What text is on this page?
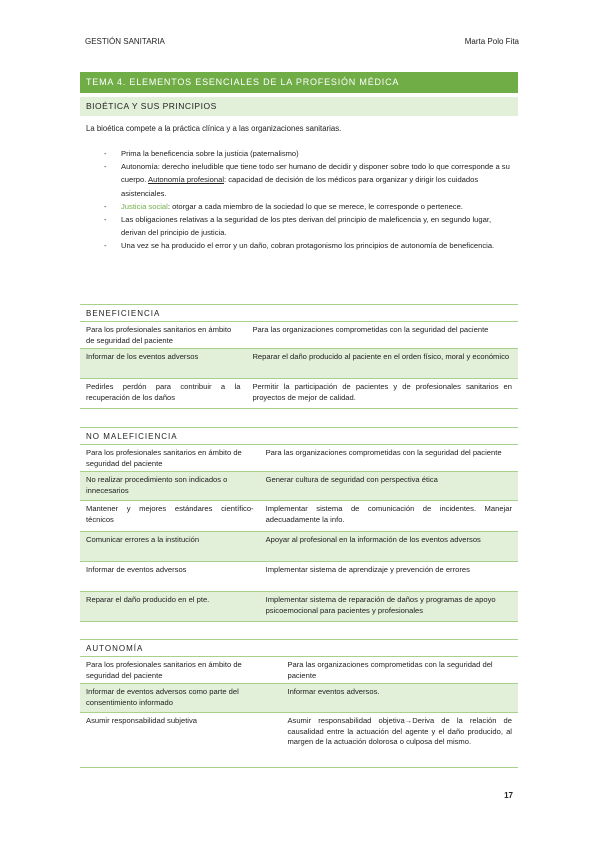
GESTIÓN SANITARIA	Marta Polo Fita
TEMA 4. ELEMENTOS ESENCIALES DE LA PROFESIÓN MÉDICA
BIOÉTICA Y SUS PRINCIPIOS
La bioética compete a la práctica clínica y a las organizaciones sanitarias.
- Prima la beneficencia sobre la justicia (paternalismo)
- Autonomía: derecho ineludible que tiene todo ser humano de decidir y disponer sobre todo lo que corresponde a su cuerpo. Autonomía profesional: capacidad de decisión de los médicos para organizar y dirigir los cuidados asistenciales.
- Justicia social: otorgar a cada miembro de la sociedad lo que se merece, le corresponde o pertenece.
- Las obligaciones relativas a la seguridad de los ptes derivan del principio de maleficencia y, en segundo lugar, derivan del principio de justicia.
- Una vez se ha producido el error y un daño, cobran protagonismo los principios de autonomía de beneficencia.
BENEFICIENCIA
Para los profesionales sanitarios en ámbito de seguridad del paciente	Para las organizaciones comprometidas con la seguridad del paciente
Informar de los eventos adversos	Reparar el daño producido al paciente en el orden físico, moral y económico
Pedirles perdón para contribuir a la recuperación de los daños	Permitir la participación de pacientes y de profesionales sanitarios en proyectos de mejor de calidad.
NO MALEFICIENCIA
Para los profesionales sanitarios en ámbito de seguridad del paciente	Para las organizaciones comprometidas con la seguridad del paciente
No realizar procedimiento son indicados o innecesarios	Generar cultura de seguridad con perspectiva ética
Mantener y mejores estándares científico-técnicos	Implementar sistema de comunicación de incidentes. Manejar adecuadamente la info.
Comunicar errores a la institución	Apoyar al profesional en la información de los eventos adversos
Informar de eventos adversos	Implementar sistema de aprendizaje y prevención de errores
Reparar el daño producido en el pte.	Implementar sistema de reparación de daños y programas de apoyo psicoemocional para pacientes y profesionales
AUTONOMÍA
Para los profesionales sanitarios en ámbito de seguridad del paciente	Para las organizaciones comprometidas con la seguridad del paciente
Informar de eventos adversos como parte del consentimiento informado	Informar eventos adversos.
Asumir responsabilidad subjetiva	Asumir responsabilidad objetiva→Deriva de la relación de causalidad entre la actuación del agente y el daño producido, al margen de la actuación dolorosa o culposa del mismo.
17
